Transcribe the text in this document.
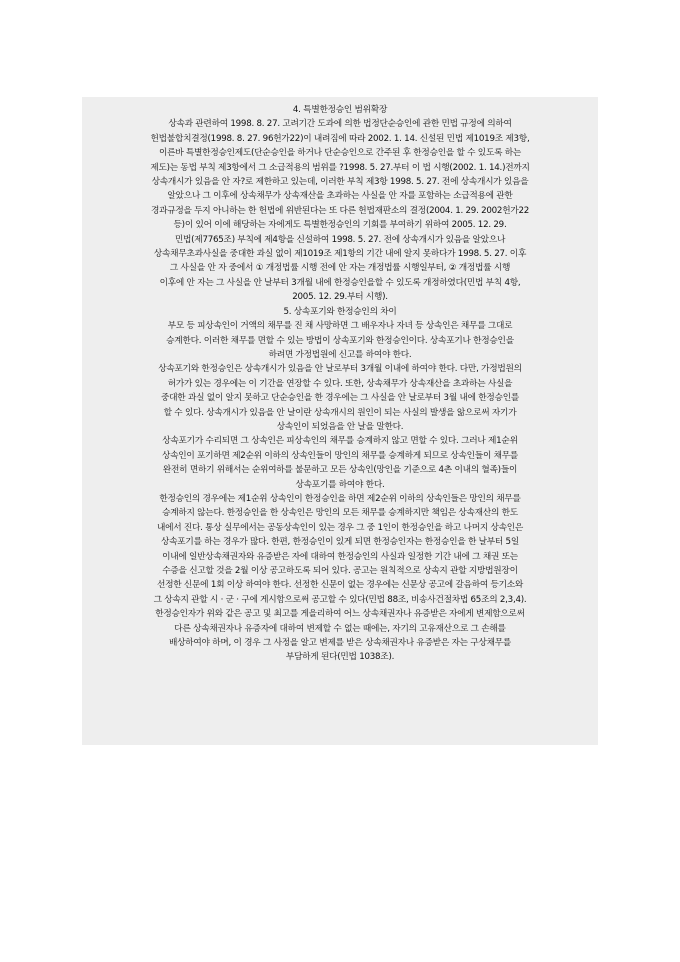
4. 특별한정승인 범위확장
상속과 관련하여 1998. 8. 27. 고려기간 도과에 의한 법정단순승인에 관한 민법 규정에 의하여
헌법불합치결정(1998. 8. 27. 96헌가22)이 내려짐에 따라 2002. 1. 14. 신설된 민법 제1019조 제3항,
이른바 특별한정승인제도(단순승인을 하거나 단순승인으로 간주된 후 한정승인을 할 수 있도록 하는
제도)는 동법 부칙 제3항에서 그 소급적용의 범위를 ?1998. 5. 27.부터 이 법 시행(2002. 1. 14.)전까지
상속개시가 있음을 안 자?로 제한하고 있는데, 이러한 부칙 제3항 1998. 5. 27. 전에 상속개시가 있음을
알았으나 그 이후에 상속채무가 상속재산을 초과하는 사실을 안 자를 포함하는 소급적용에 관한
경과규정을 두지 아니하는 한 헌법에 위반된다는 또 다른 헌법재판소의 결정(2004. 1. 29. 2002헌가22
등)이 있어 이에 해당하는 자에게도 특별한정승인의 기회를 부여하기 위하여 2005. 12. 29.
민법(제7765조) 부칙에 제4항을 신설하여 1998. 5. 27. 전에 상속개시가 있음을 알았으나
상속채무초과사실을 중대한 과실 없이 제1019조 제1항의 기간 내에 알지 못하다가 1998. 5. 27. 이후
그 사실을 안 자 중에서 ① 개정법률 시행 전에 안 자는 개정법률 시행일부터, ② 개정법률 시행
이후에 안 자는 그 사실을 안 날부터 3개월 내에 한정승인을할 수 있도록 개정하였다(민법 부칙 4항,
2005. 12. 29.부터 시행).
5. 상속포기와 한정승인의 차이
부모 등 피상속인이 거액의 채무를 진 채 사망하면 그 배우자나 자녀 등 상속인은 채무를 그대로
승계한다. 이러한 채무를 면할 수 있는 방법이 상속포기와 한정승인이다. 상속포기나 한정승인을
하려면 가정법원에 신고를 하여야 한다.
상속포기와 한정승인은 상속개시가 있음을 안 날로부터 3개월 이내에 하여야 한다. 다만, 가정법원의
허가가 있는 경우에는 이 기간을 연장할 수 있다. 또한, 상속채무가 상속재산을 초과하는 사실을
중대한 과실 없이 알지 못하고 단순승인을 한 경우에는 그 사실을 안 날로부터 3월 내에 한정승인를
할 수 있다. 상속개시가 있음을 안 날이란 상속개시의 원인이 되는 사실의 발생을 앎으로써 자기가
상속인이 되었음을 안 날을 말한다.
상속포기가 수리되면 그 상속인은 피상속인의 채무를 승계하지 않고 면할 수 있다. 그러나 제1순위
상속인이 포기하면 제2순위 이하의 상속인들이 망인의 채무를 승계하게 되므로 상속인들이 채무를
완전히 면하기 위해서는 순위여하를 불문하고 모든 상속인(망인을 기준으로 4촌 이내의 혈족)들이
상속포기를 하여야 한다.
한정승인의 경우에는 제1순위 상속인이 한정승인을 하면 제2순위 이하의 상속인들은 망인의 채무를
승계하지 않는다. 한정승인을 한 상속인은 망인의 모든 채무를 승계하지만 책임은 상속재산의 한도
내에서 진다. 통상 실무에서는 공동상속인이 있는 경우 그 중 1인이 한정승인을 하고 나머지 상속인은
상속포기를 하는 경우가 많다. 한편, 한정승인이 있게 되면 한정승인자는 한정승인을 한 날부터 5일
이내에 일반상속채권자와 유증받은 자에 대하여 한정승인의 사실과 일정한 기간 내에 그 채권 또는
수증을 신고할 것을 2월 이상 공고하도록 되어 있다. 공고는 원칙적으로 상속지 관할 지방법원장이
선정한 신문에 1회 이상 하여야 한다. 선정한 신문이 없는 경우에는 신문상 공고에 갈음하여 등기소와
그 상속지 관할 시 · 군 · 구에 게시함으로써 공고할 수 있다(민법 88조, 비송사건절차법 65조의 2,3,4).
한정승인자가 위와 같은 공고 및 최고를 게을리하여 어느 상속채권자나 유증받은 자에게 변제함으로써
다른 상속채권자나 유증자에 대하여 변제할 수 없는 때에는, 자기의 고유재산으로 그 손해를
배상하여야 하며, 이 경우 그 사정을 알고 변제를 받은 상속채권자나 유증받은 자는 구상채무를
부담하게 된다(민법 1038조).
